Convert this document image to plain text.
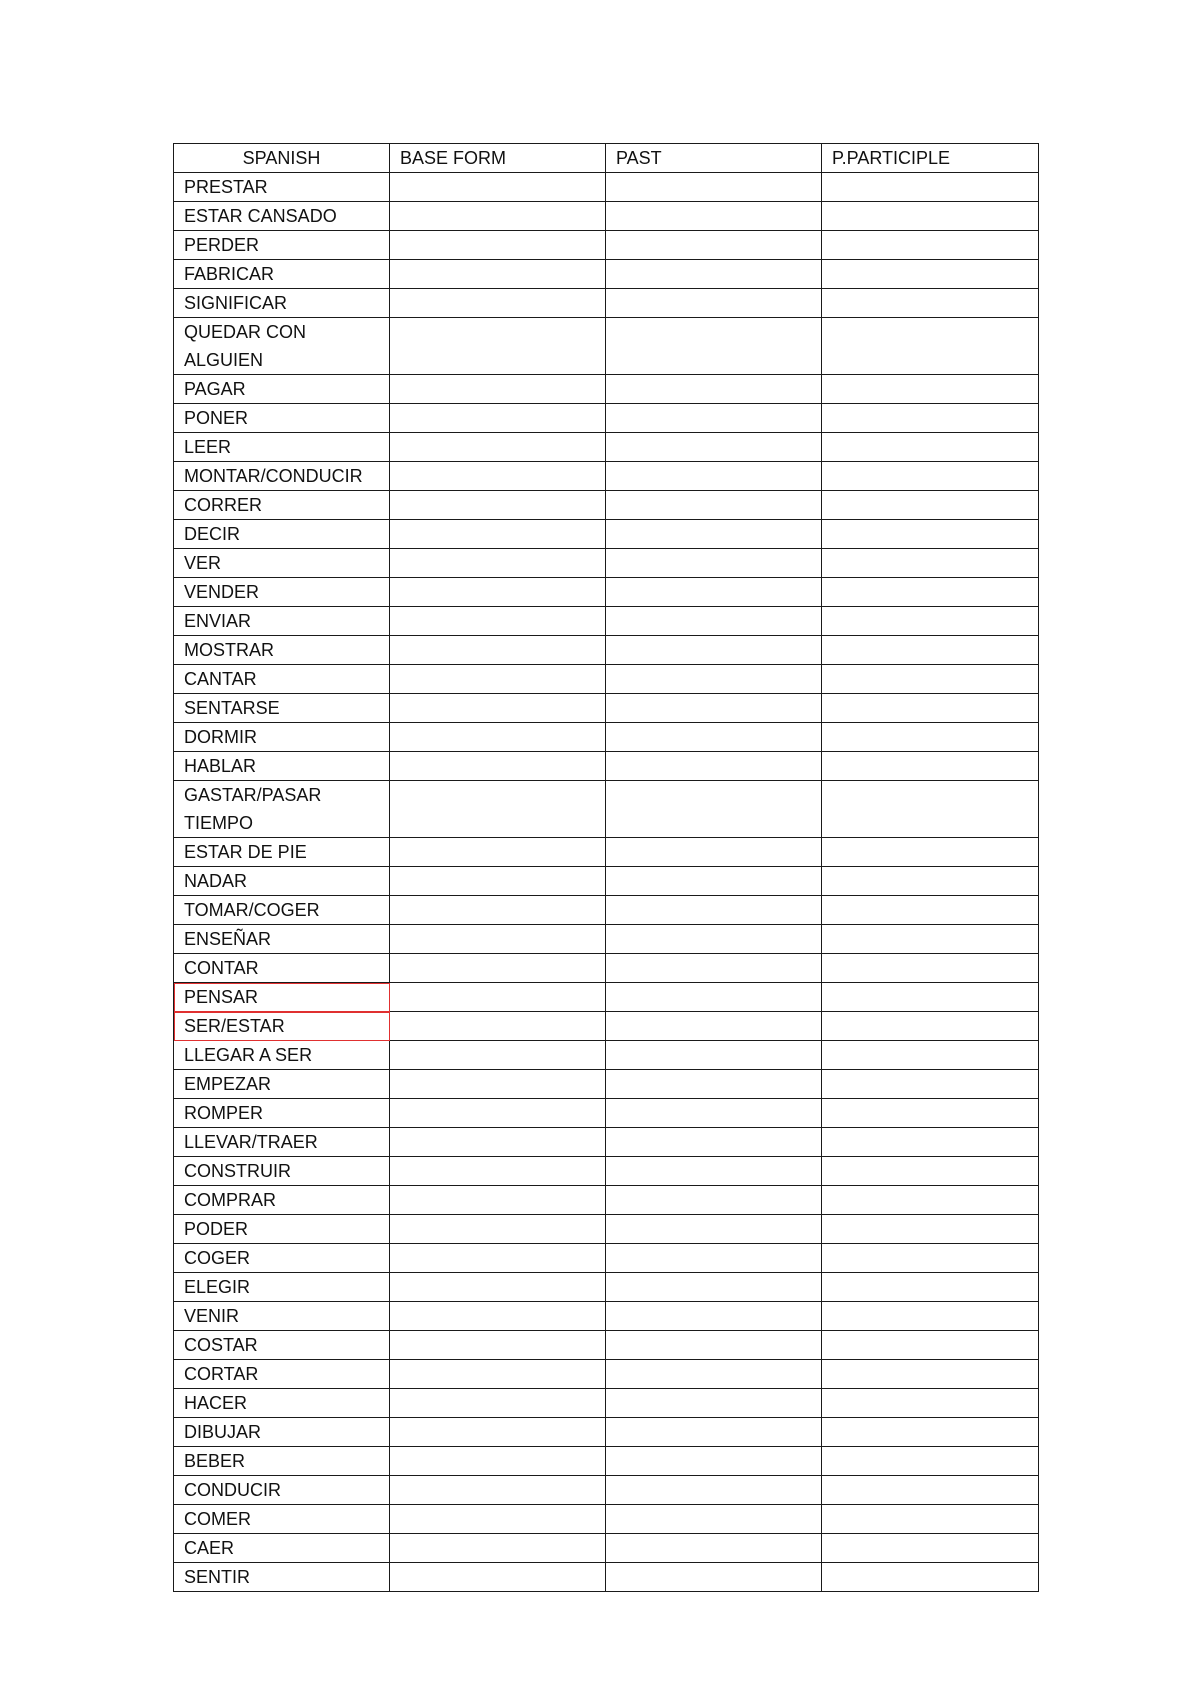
SPANISH	BASE FORM	PAST	P.PARTICIPLE
PRESTAR			
ESTAR CANSADO			
PERDER			
FABRICAR			
SIGNIFICAR			
QUEDAR CON ALGUIEN			
PAGAR			
PONER			
LEER			
MONTAR/CONDUCIR			
CORRER			
DECIR			
VER			
VENDER			
ENVIAR			
MOSTRAR			
CANTAR			
SENTARSE			
DORMIR			
HABLAR			
GASTAR/PASAR TIEMPO			
ESTAR DE PIE			
NADAR			
TOMAR/COGER			
ENSEÑAR			
CONTAR			
PENSAR			
SER/ESTAR			
LLEGAR A SER			
EMPEZAR			
ROMPER			
LLEVAR/TRAER			
CONSTRUIR			
COMPRAR			
PODER			
COGER			
ELEGIR			
VENIR			
COSTAR			
CORTAR			
HACER			
DIBUJAR			
BEBER			
CONDUCIR			
COMER			
CAER			
SENTIR			
